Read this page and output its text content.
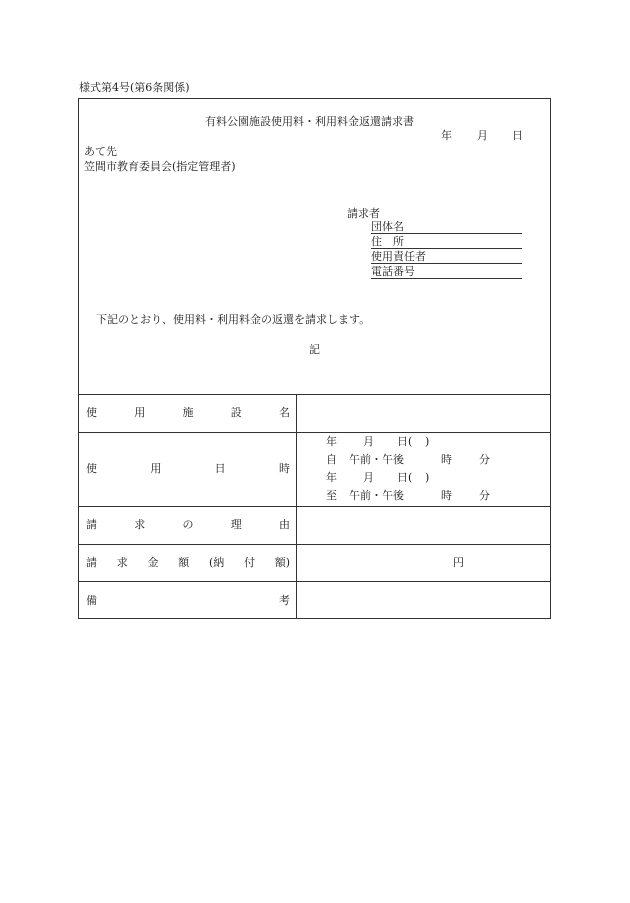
様式第4号(第6条関係)
有料公園施設使用料・利用料金返還請求書
年 月 日
あて先
笠間市教育委員会(指定管理者)
請求者
団体名
住　所
使用責任者
電話番号
下記のとおり、使用料・利用料金の返還を請求します。
記
使	用	施	設	名
使	用	日	時
年 月 日( )
自 午前・午後	時 分
年 月 日( )
至 午前・午後	時 分
請	求	の	理	由
請 求 金 額 (納 付 額)	円
備	考
